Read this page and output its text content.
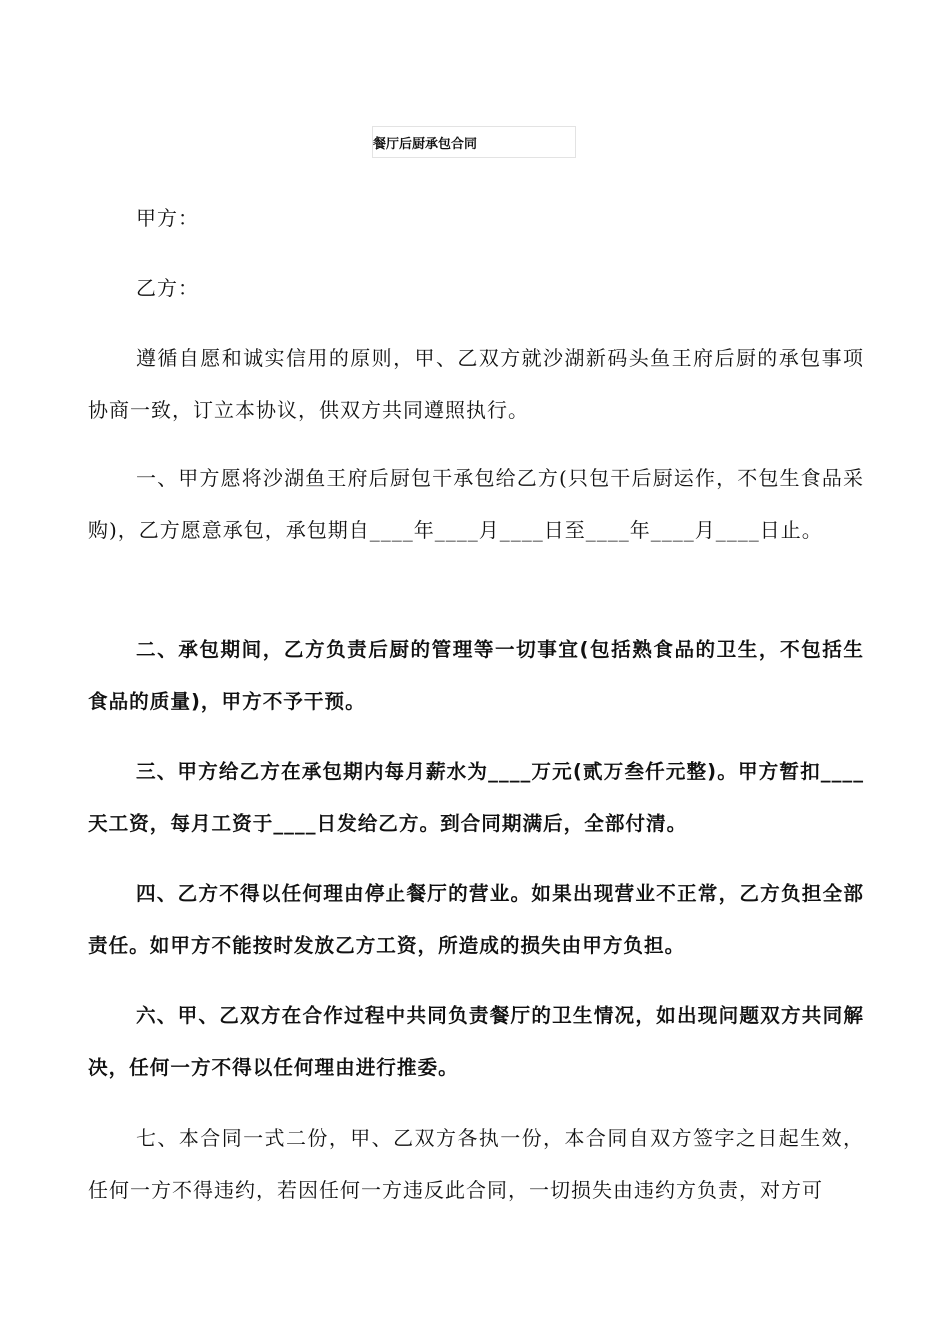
餐厅后厨承包合同

甲方：

乙方：

遵循自愿和诚实信用的原则，甲、乙双方就沙湖新码头鱼王府后厨的承包事项协商一致，订立本协议，供双方共同遵照执行。

一、甲方愿将沙湖鱼王府后厨包干承包给乙方(只包干后厨运作，不包生食品采购)，乙方愿意承包，承包期自____年____月____日至____年____月____日止。

二、承包期间，乙方负责后厨的管理等一切事宜(包括熟食品的卫生，不包括生食品的质量)，甲方不予干预。

三、甲方给乙方在承包期内每月薪水为____万元(贰万叁仟元整)。甲方暂扣____天工资，每月工资于____日发给乙方。到合同期满后，全部付清。

四、乙方不得以任何理由停止餐厅的营业。如果出现营业不正常，乙方负担全部责任。如甲方不能按时发放乙方工资，所造成的损失由甲方负担。

六、甲、乙双方在合作过程中共同负责餐厅的卫生情况，如出现问题双方共同解决，任何一方不得以任何理由进行推委。

七、本合同一式二份，甲、乙双方各执一份，本合同自双方签字之日起生效，任何一方不得违约，若因任何一方违反此合同，一切损失由违约方负责，对方可
